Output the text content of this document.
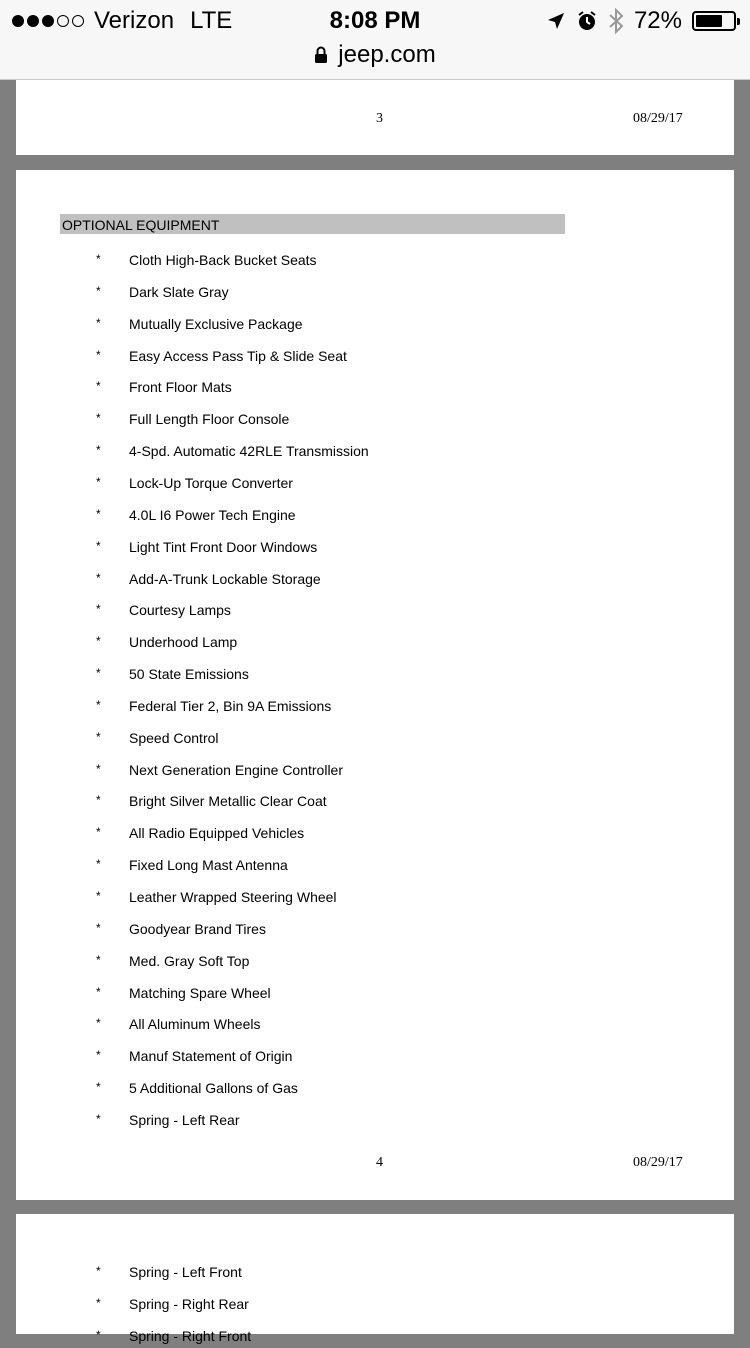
Verizon LTE	8:08 PM	72%
jeep.com
3	08/29/17
OPTIONAL EQUIPMENT
* Cloth High-Back Bucket Seats
* Dark Slate Gray
* Mutually Exclusive Package
* Easy Access Pass Tip & Slide Seat
* Front Floor Mats
* Full Length Floor Console
* 4-Spd. Automatic 42RLE Transmission
* Lock-Up Torque Converter
* 4.0L I6 Power Tech Engine
* Light Tint Front Door Windows
* Add-A-Trunk Lockable Storage
* Courtesy Lamps
* Underhood Lamp
* 50 State Emissions
* Federal Tier 2, Bin 9A Emissions
* Speed Control
* Next Generation Engine Controller
* Bright Silver Metallic Clear Coat
* All Radio Equipped Vehicles
* Fixed Long Mast Antenna
* Leather Wrapped Steering Wheel
* Goodyear Brand Tires
* Med. Gray Soft Top
* Matching Spare Wheel
* All Aluminum Wheels
* Manuf Statement of Origin
* 5 Additional Gallons of Gas
* Spring - Left Rear
4	08/29/17
* Spring - Left Front
* Spring - Right Rear
* Spring - Right Front
